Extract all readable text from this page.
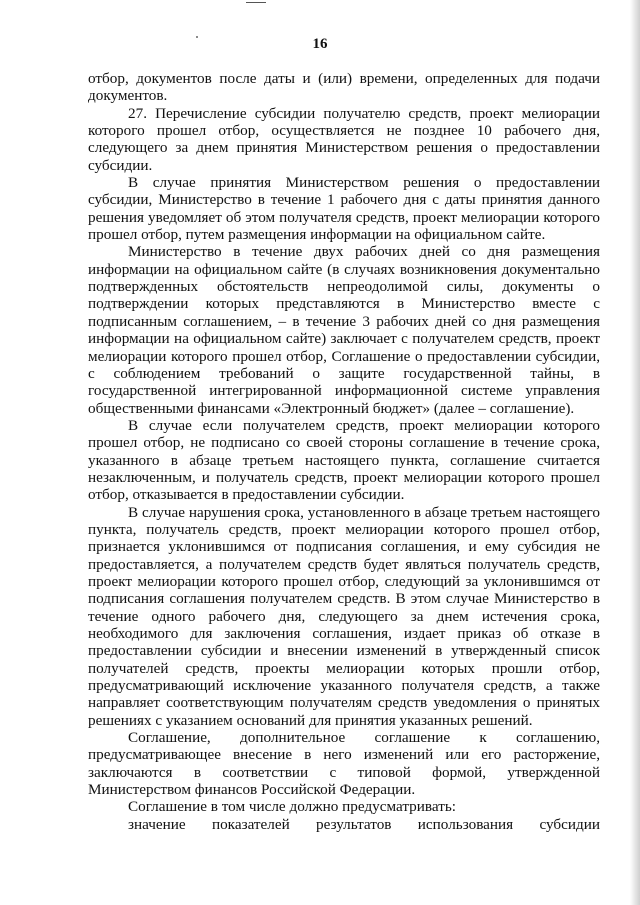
16

отбор, документов после даты и (или) времени, определенных для подачи документов.

27. Перечисление субсидии получателю средств, проект мелиорации которого прошел отбор, осуществляется не позднее 10 рабочего дня, следующего за днем принятия Министерством решения о предоставлении субсидии.

В случае принятия Министерством решения о предоставлении субсидии, Министерство в течение 1 рабочего дня с даты принятия данного решения уведомляет об этом получателя средств, проект мелиорации которого прошел отбор, путем размещения информации на официальном сайте.

Министерство в течение двух рабочих дней со дня размещения информации на официальном сайте (в случаях возникновения документально подтвержденных обстоятельств непреодолимой силы, документы о подтверждении которых представляются в Министерство вместе с подписанным соглашением, – в течение 3 рабочих дней со дня размещения информации на официальном сайте) заключает с получателем средств, проект мелиорации которого прошел отбор, Соглашение о предоставлении субсидии, с соблюдением требований о защите государственной тайны, в государственной интегрированной информационной системе управления общественными финансами «Электронный бюджет» (далее – соглашение).

В случае если получателем средств, проект мелиорации которого прошел отбор, не подписано со своей стороны соглашение в течение срока, указанного в абзаце третьем настоящего пункта, соглашение считается незаключенным, и получатель средств, проект мелиорации которого прошел отбор, отказывается в предоставлении субсидии.

В случае нарушения срока, установленного в абзаце третьем настоящего пункта, получатель средств, проект мелиорации которого прошел отбор, признается уклонившимся от подписания соглашения, и ему субсидия не предоставляется, а получателем средств будет являться получатель средств, проект мелиорации которого прошел отбор, следующий за уклонившимся от подписания соглашения получателем средств. В этом случае Министерство в течение одного рабочего дня, следующего за днем истечения срока, необходимого для заключения соглашения, издает приказ об отказе в предоставлении субсидии и внесении изменений в утвержденный список получателей средств, проекты мелиорации которых прошли отбор, предусматривающий исключение указанного получателя средств, а также направляет соответствующим получателям средств уведомления о принятых решениях с указанием оснований для принятия указанных решений.

Соглашение, дополнительное соглашение к соглашению, предусматривающее внесение в него изменений или его расторжение, заключаются в соответствии с типовой формой, утвержденной Министерством финансов Российской Федерации.

Соглашение в том числе должно предусматривать:

значение показателей результатов использования субсидии
